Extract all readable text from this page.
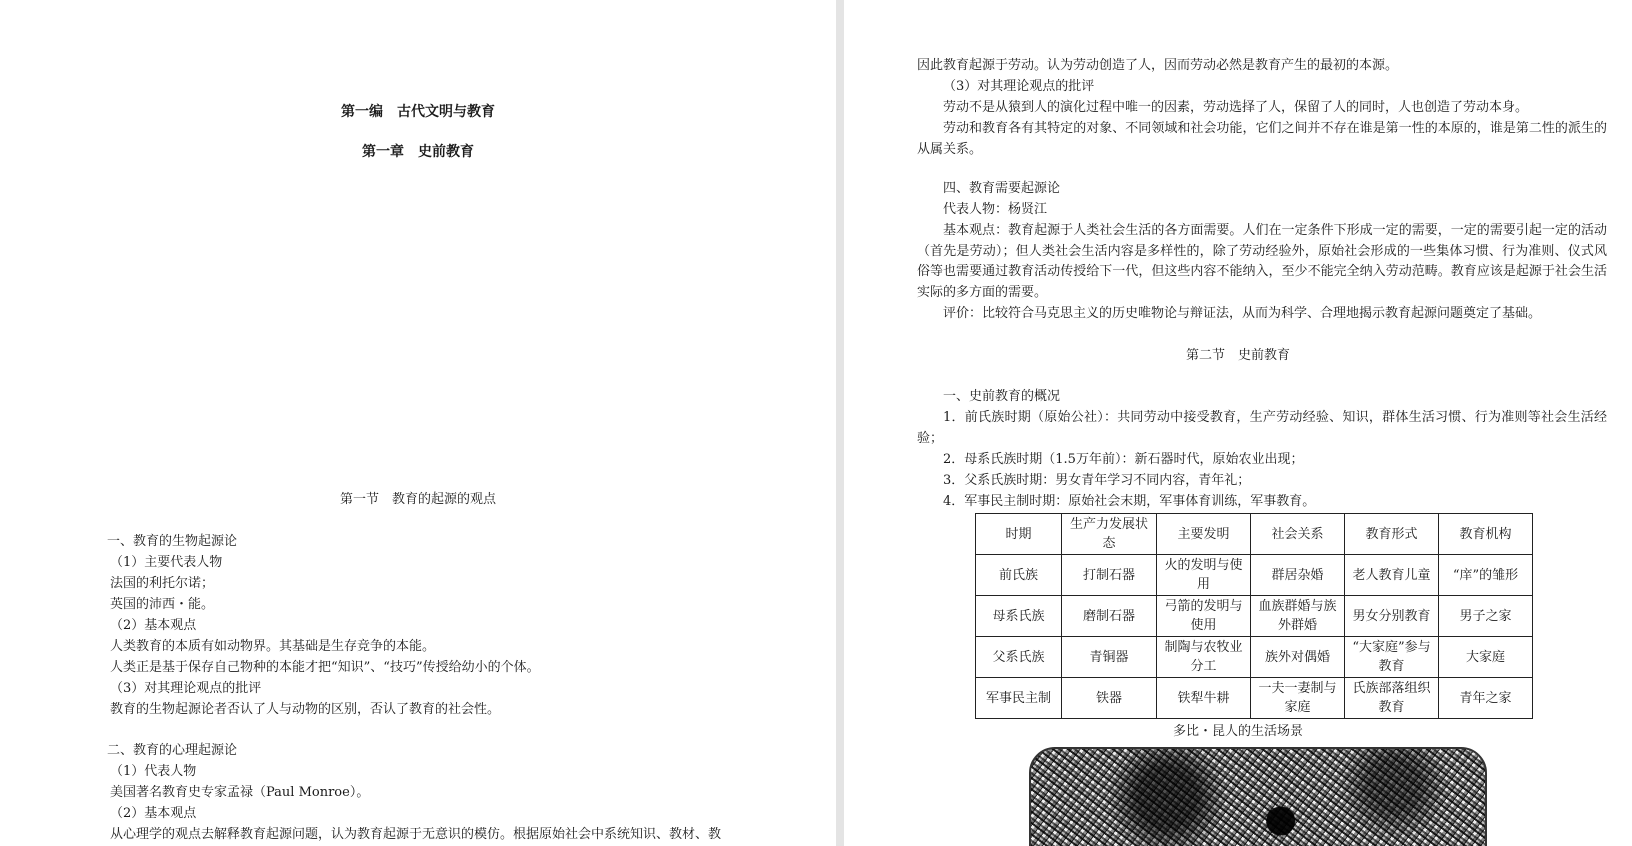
第一编　古代文明与教育
第一章　史前教育
第一节　教育的起源的观点
一、教育的生物起源论
（1）主要代表人物
法国的利托尔诺；
英国的沛西・能。
（2）基本观点
人类教育的本质有如动物界。其基础是生存竞争的本能。
人类正是基于保存自己物种的本能才把“知识”、“技巧”传授给幼小的个体。
（3）对其理论观点的批评
教育的生物起源论者否认了人与动物的区别，否认了教育的社会性。
二、教育的心理起源论
（1）代表人物
美国著名教育史专家孟禄（Paul Monroe）。
（2）基本观点
从心理学的观点去解释教育起源问题，认为教育起源于无意识的模仿。根据原始社会中系统知识、教材、教
因此教育起源于劳动。认为劳动创造了人，因而劳动必然是教育产生的最初的本源。
（3）对其理论观点的批评
劳动不是从猿到人的演化过程中唯一的因素，劳动选择了人，保留了人的同时，人也创造了劳动本身。
劳动和教育各有其特定的对象、不同领域和社会功能，它们之间并不存在谁是第一性的本原的，谁是第二性的派生的从属关系。
四、教育需要起源论
代表人物：杨贤江
基本观点：教育起源于人类社会生活的各方面需要。人们在一定条件下形成一定的需要，一定的需要引起一定的活动（首先是劳动）；但人类社会生活内容是多样性的，除了劳动经验外，原始社会形成的一些集体习惯、行为准则、仪式风俗等也需要通过教育活动传授给下一代，但这些内容不能纳入，至少不能完全纳入劳动范畴。教育应该是起源于社会生活实际的多方面的需要。
评价：比较符合马克思主义的历史唯物论与辩证法，从而为科学、合理地揭示教育起源问题奠定了基础。
第二节　史前教育
一、史前教育的概况
1．前氏族时期（原始公社）：共同劳动中接受教育，生产劳动经验、知识，群体生活习惯、行为准则等社会生活经验；
2．母系氏族时期（1.5万年前）：新石器时代，原始农业出现；
3．父系氏族时期：男女青年学习不同内容，青年礼；
4．军事民主制时期：原始社会末期，军事体育训练，军事教育。
时期	生产力发展状态	主要发明	社会关系	教育形式	教育机构
前氏族	打制石器	火的发明与使用	群居杂婚	老人教育儿童	“庠”的雏形
母系氏族	磨制石器	弓箭的发明与使用	血族群婚与族外群婚	男女分别教育	男子之家
父系氏族	青铜器	制陶与农牧业分工	族外对偶婚	“大家庭”参与教育	大家庭
军事民主制	铁器	铁犁牛耕	一夫一妻制与家庭	氏族部落组织教育	青年之家
多比・昆人的生活场景
